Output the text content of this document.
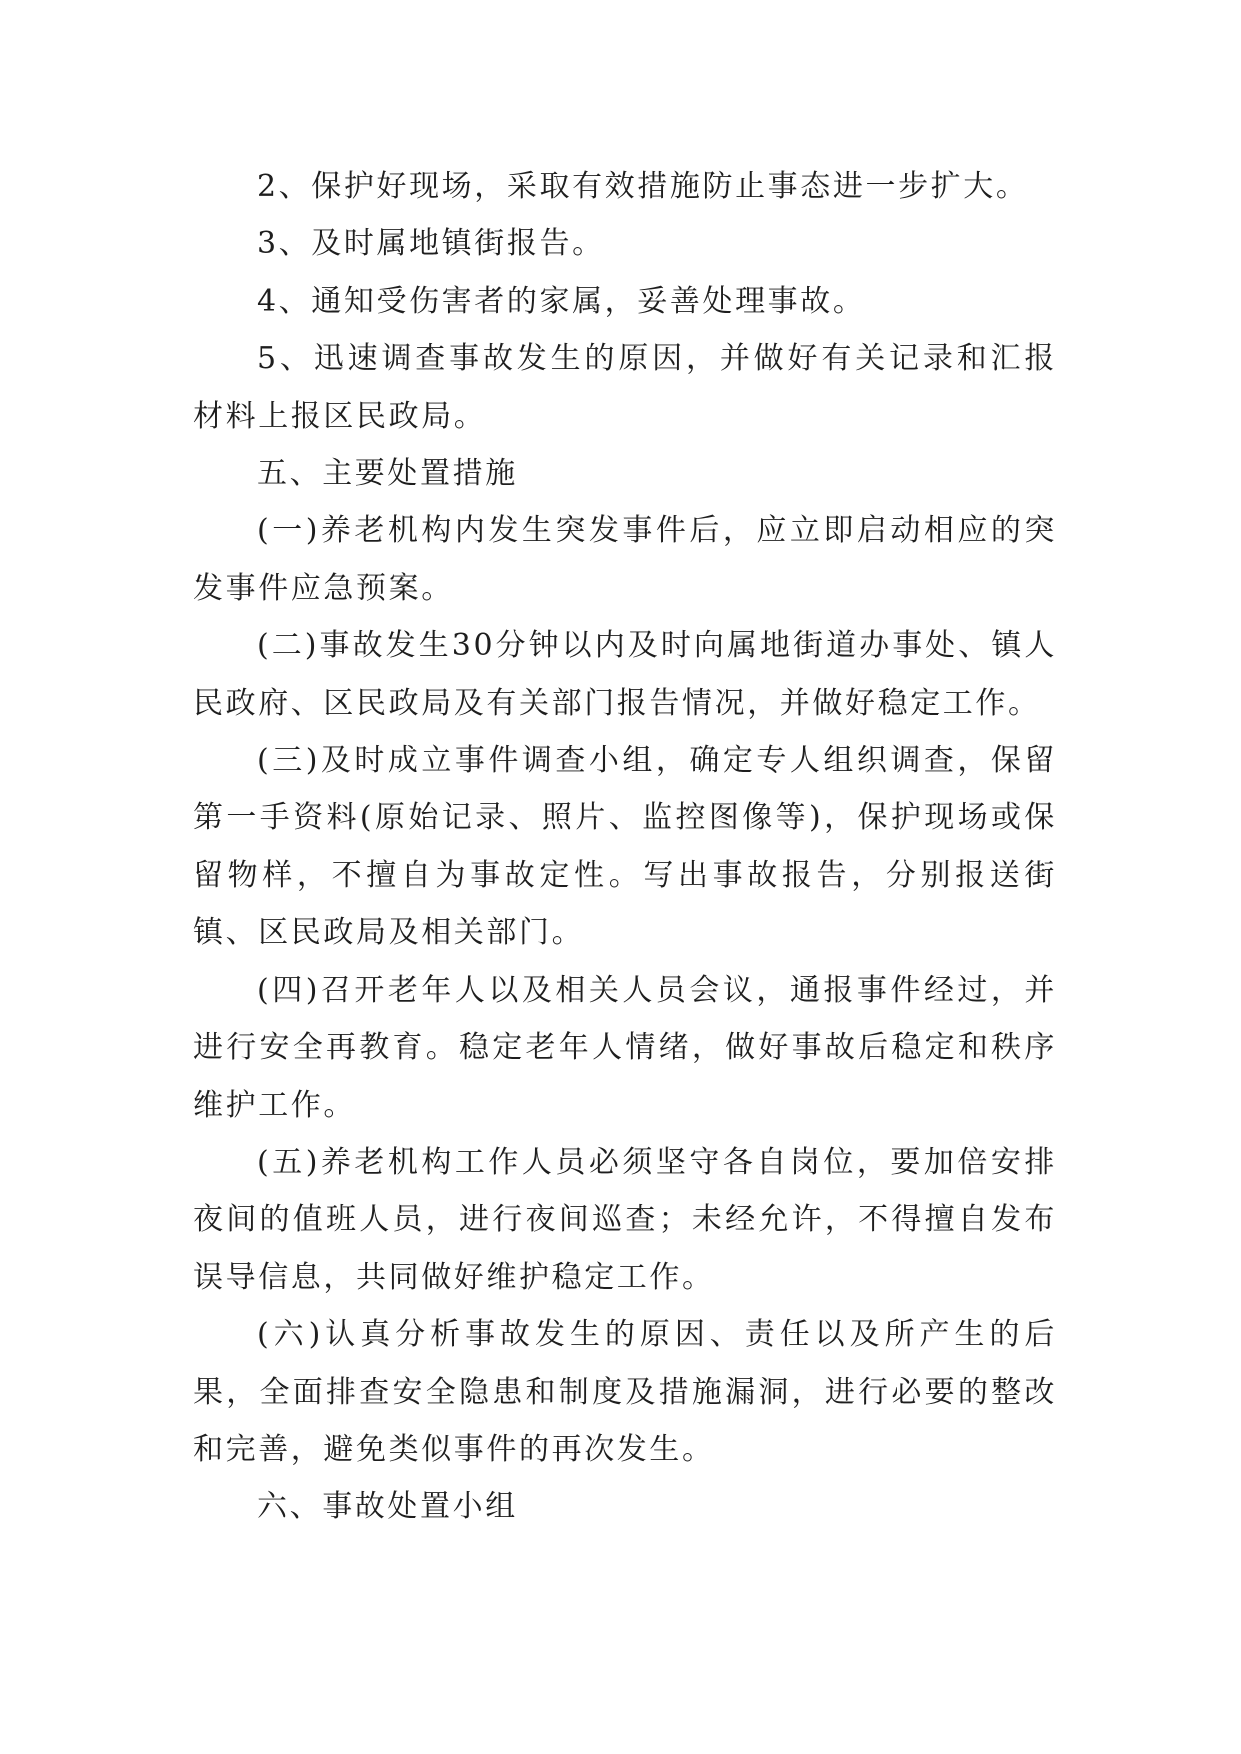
2、保护好现场，采取有效措施防止事态进一步扩大。

3、及时属地镇街报告。

4、通知受伤害者的家属，妥善处理事故。

5、迅速调查事故发生的原因，并做好有关记录和汇报材料上报区民政局。

五、主要处置措施

(一)养老机构内发生突发事件后，应立即启动相应的突发事件应急预案。

(二)事故发生30分钟以内及时向属地街道办事处、镇人民政府、区民政局及有关部门报告情况，并做好稳定工作。

(三)及时成立事件调查小组，确定专人组织调查，保留第一手资料(原始记录、照片、监控图像等)，保护现场或保留物样，不擅自为事故定性。写出事故报告，分别报送街镇、区民政局及相关部门。

(四)召开老年人以及相关人员会议，通报事件经过，并进行安全再教育。稳定老年人情绪，做好事故后稳定和秩序维护工作。

(五)养老机构工作人员必须坚守各自岗位，要加倍安排夜间的值班人员，进行夜间巡查；未经允许，不得擅自发布误导信息，共同做好维护稳定工作。

(六)认真分析事故发生的原因、责任以及所产生的后果，全面排查安全隐患和制度及措施漏洞，进行必要的整改和完善，避免类似事件的再次发生。

六、事故处置小组
